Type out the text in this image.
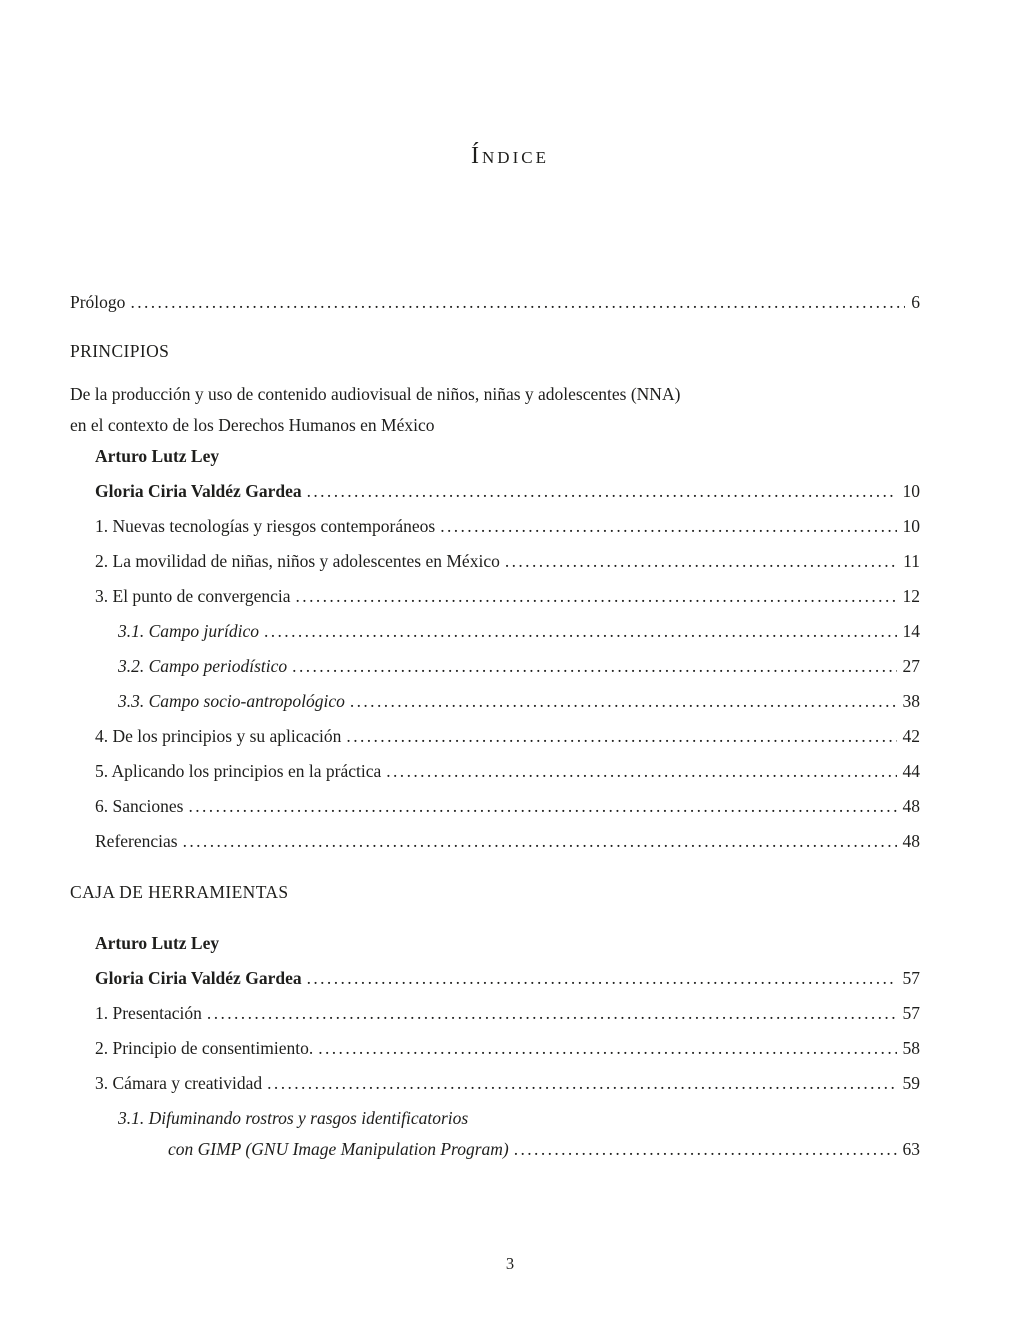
Índice
Prólogo .....	6
PRINCIPIOS
De la producción y uso de contenido audiovisual de niños, niñas y adolescentes (NNA)
en el contexto de los Derechos Humanos en México
Arturo Lutz Ley
Gloria Ciria Valdéz Gardea .....	10
1. Nuevas tecnologías y riesgos contemporáneos .....	10
2. La movilidad de niñas, niños y adolescentes en México .....	11
3. El punto de convergencia .....	12
3.1. Campo jurídico .....	14
3.2. Campo periodístico .....	27
3.3. Campo socio-antropológico .....	38
4. De los principios y su aplicación .....	42
5. Aplicando los principios en la práctica .....	44
6. Sanciones .....	48
Referencias .....	48
CAJA DE HERRAMIENTAS
Arturo Lutz Ley
Gloria Ciria Valdéz Gardea .....	57
1. Presentación .....	57
2. Principio de consentimiento. .....	58
3. Cámara y creatividad .....	59
3.1. Difuminando rostros y rasgos identificatorios
con GIMP (GNU Image Manipulation Program) .....	63
3
